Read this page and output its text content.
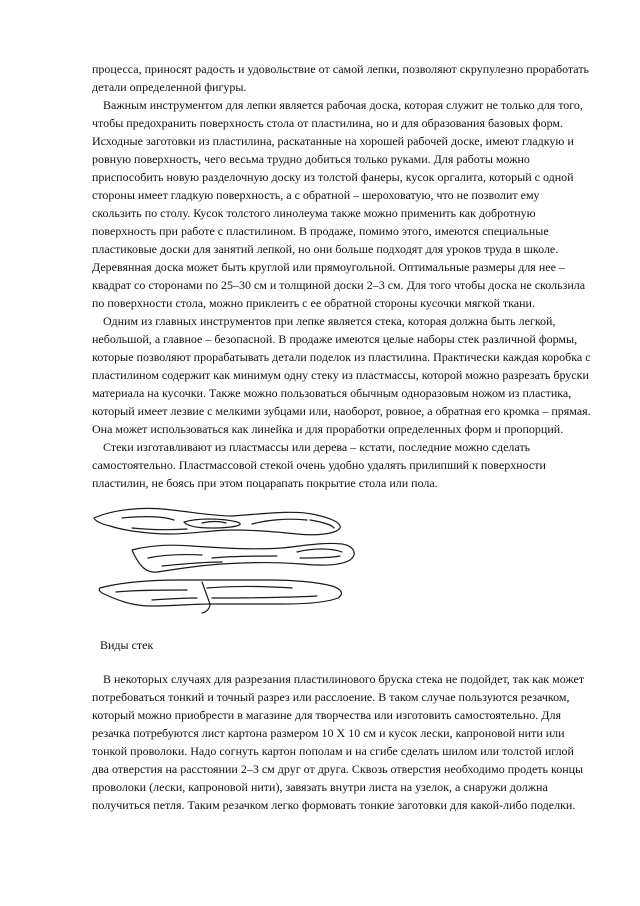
процесса, приносят радость и удовольствие от самой лепки, позволяют скрупулезно проработать детали определенной фигуры.

Важным инструментом для лепки является рабочая доска, которая служит не только для того, чтобы предохранить поверхность стола от пластилина, но и для образования базовых форм. Исходные заготовки из пластилина, раскатанные на хорошей рабочей доске, имеют гладкую и ровную поверхность, чего весьма трудно добиться только руками. Для работы можно приспособить новую разделочную доску из толстой фанеры, кусок оргалита, который с одной стороны имеет гладкую поверхность, а с обратной – шероховатую, что не позволит ему скользить по столу. Кусок толстого линолеума также можно применить как добротную поверхность при работе с пластилином. В продаже, помимо этого, имеются специальные пластиковые доски для занятий лепкой, но они больше подходят для уроков труда в школе. Деревянная доска может быть круглой или прямоугольной. Оптимальные размеры для нее – квадрат со сторонами по 25–30 см и толщиной доски 2–3 см. Для того чтобы доска не скользила по поверхности стола, можно приклеить с ее обратной стороны кусочки мягкой ткани.

Одним из главных инструментов при лепке является стека, которая должна быть легкой, небольшой, а главное – безопасной. В продаже имеются целые наборы стек различной формы, которые позволяют прорабатывать детали поделок из пластилина. Практически каждая коробка с пластилином содержит как минимум одну стеку из пластмассы, которой можно разрезать бруски материала на кусочки. Также можно пользоваться обычным одноразовым ножом из пластика, который имеет лезвие с мелкими зубцами или, наоборот, ровное, а обратная его кромка – прямая. Она может использоваться как линейка и для проработки определенных форм и пропорций.

Стеки изготавливают из пластмассы или дерева – кстати, последние можно сделать самостоятельно. Пластмассовой стекой очень удобно удалять прилипший к поверхности пластилин, не боясь при этом поцарапать покрытие стола или пола.

Виды стек

В некоторых случаях для разрезания пластилинового бруска стека не подойдет, так как может потребоваться тонкий и точный разрез или расслоение. В таком случае пользуются резачком, который можно приобрести в магазине для творчества или изготовить самостоятельно. Для резачка потребуются лист картона размером 10 Х 10 см и кусок лески, капроновой нити или тонкой проволоки. Надо согнуть картон пополам и на сгибе сделать шилом или толстой иглой два отверстия на расстоянии 2–3 см друг от друга. Сквозь отверстия необходимо продеть концы проволоки (лески, капроновой нити), завязать внутри листа на узелок, а снаружи должна получиться петля. Таким резачком легко формовать тонкие заготовки для какой-либо поделки.
